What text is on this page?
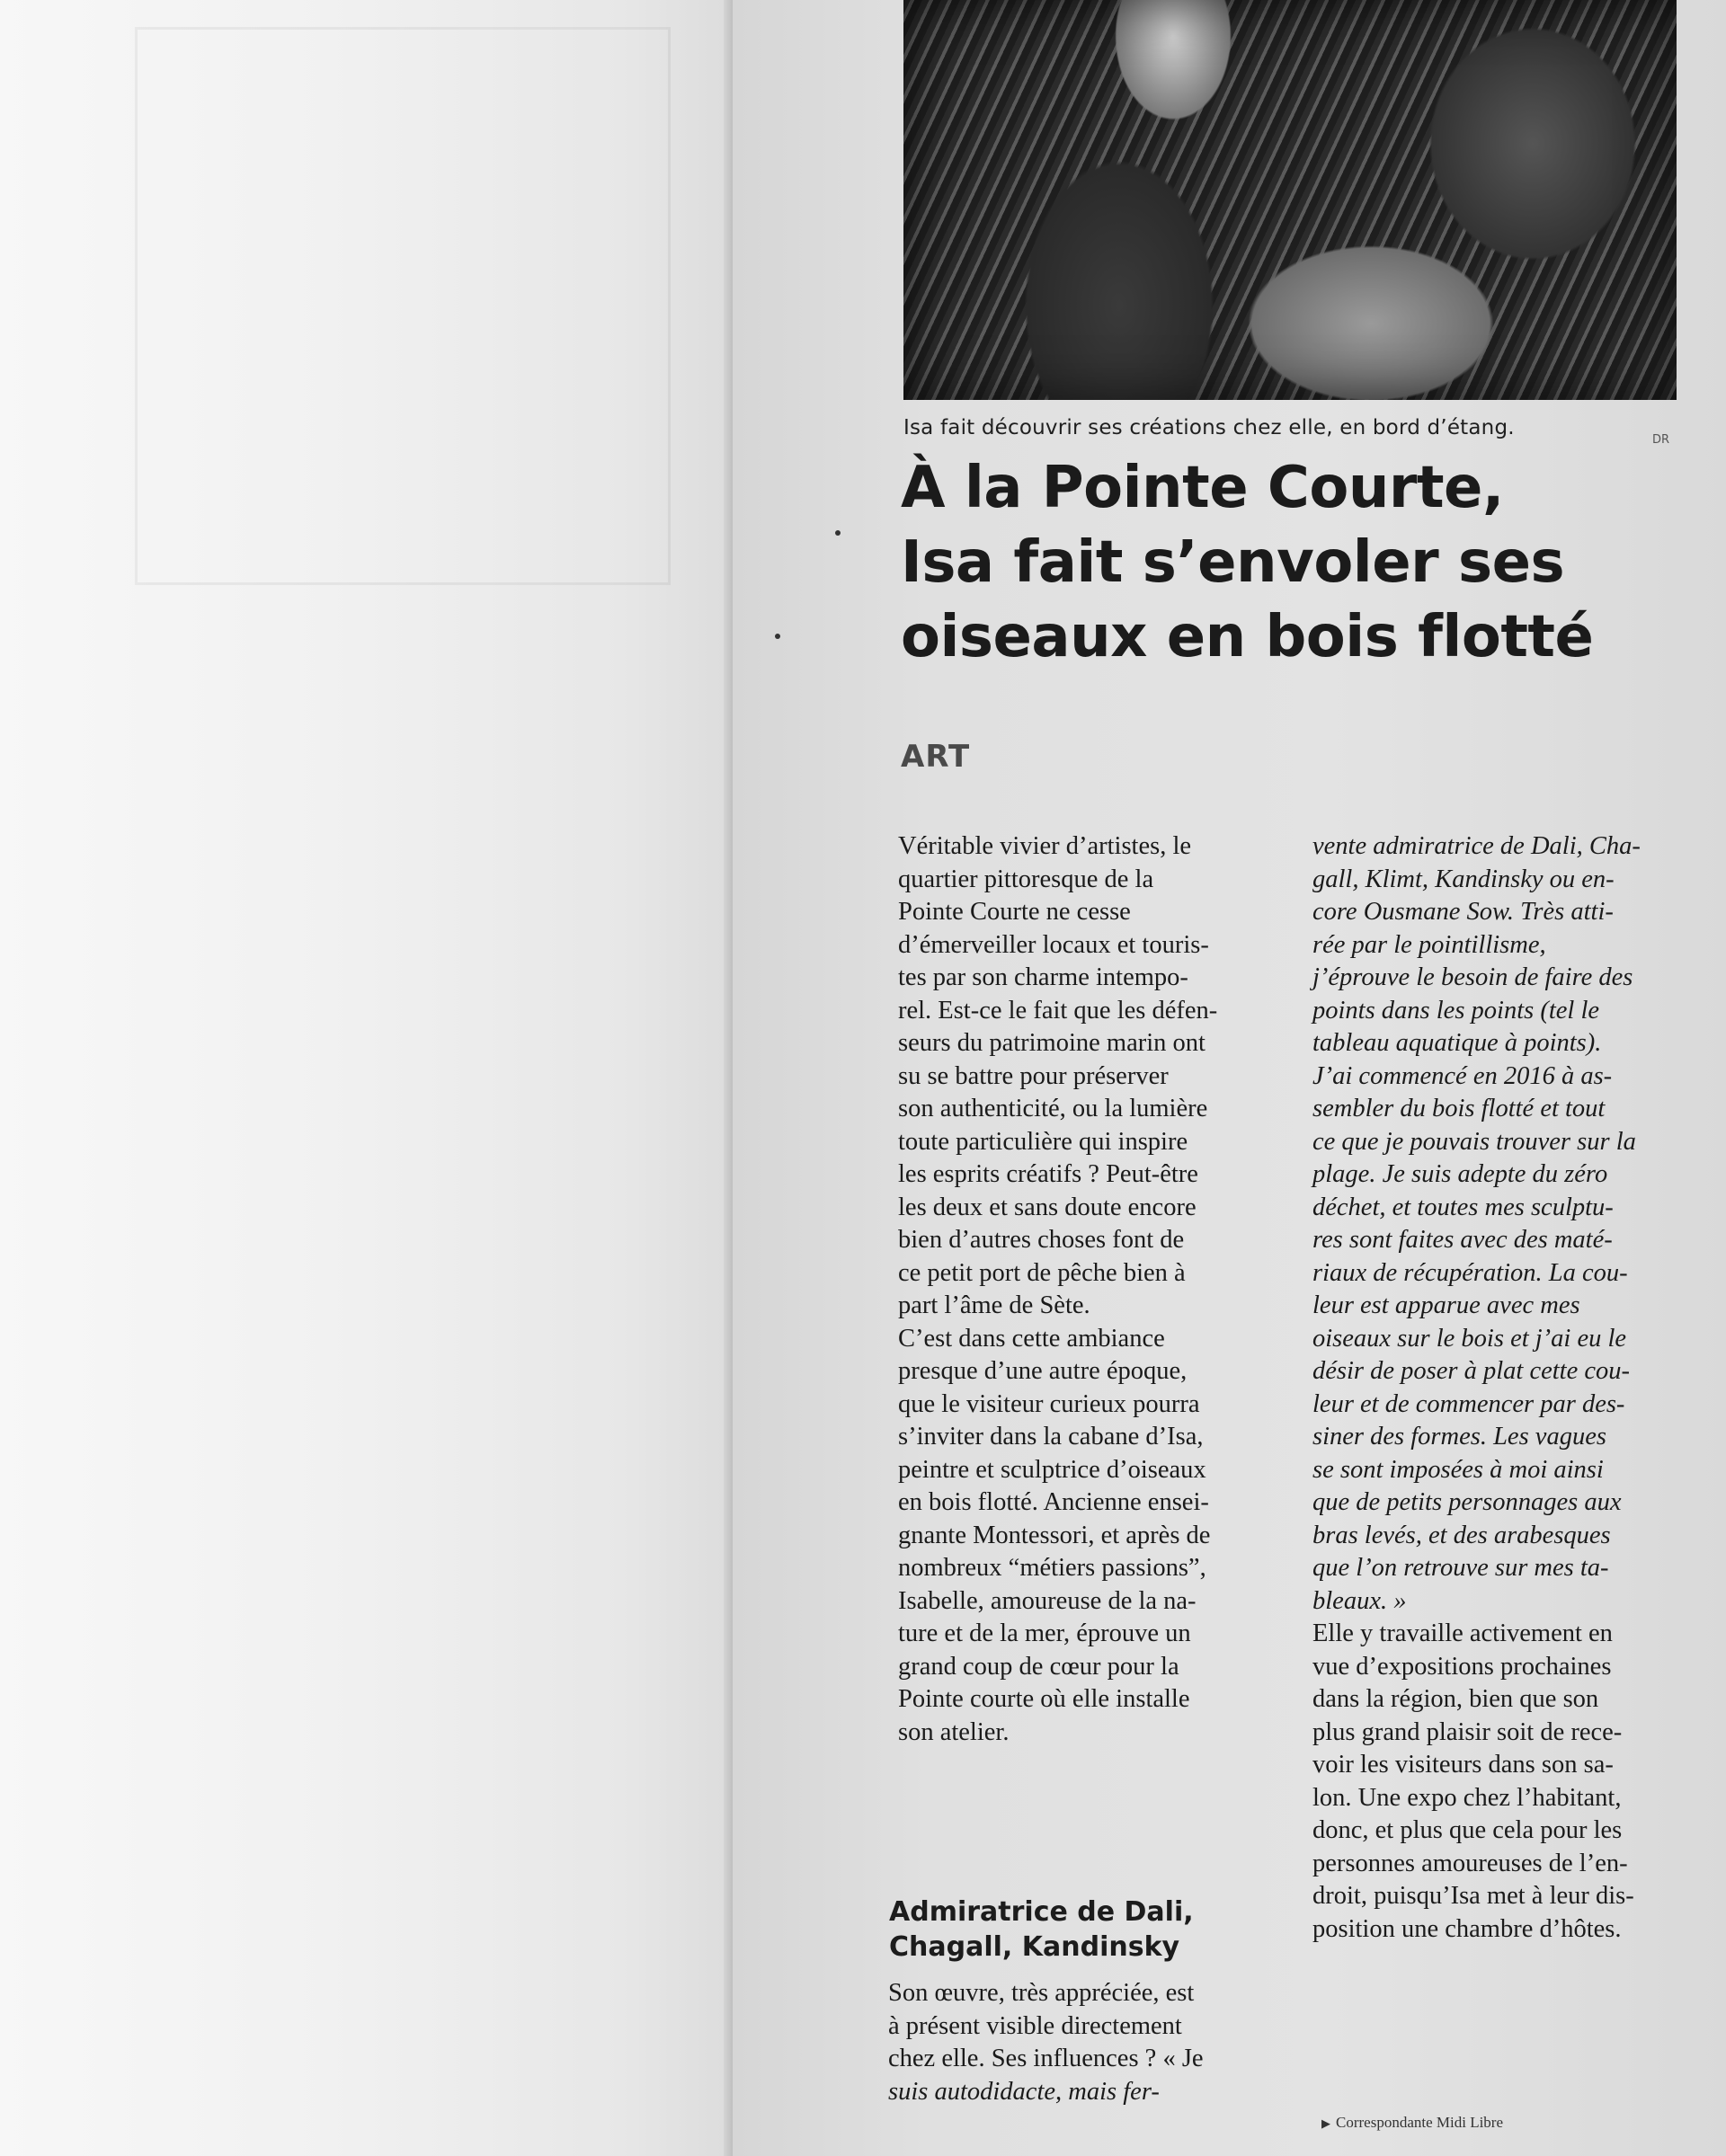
Isa fait découvrir ses créations chez elle, en bord d’étang.
DR
À la Pointe Courte,
Isa fait s’envoler ses
oiseaux en bois flotté
ART
Véritable vivier d’artistes, le
quartier pittoresque de la
Pointe Courte ne cesse
d’émerveiller locaux et touris-
tes par son charme intempo-
rel. Est-ce le fait que les défen-
seurs du patrimoine marin ont
su se battre pour préserver
son authenticité, ou la lumière
toute particulière qui inspire
les esprits créatifs ? Peut-être
les deux et sans doute encore
bien d’autres choses font de
ce petit port de pêche bien à
part l’âme de Sète.
C’est dans cette ambiance
presque d’une autre époque,
que le visiteur curieux pourra
s’inviter dans la cabane d’Isa,
peintre et sculptrice d’oiseaux
en bois flotté. Ancienne ensei-
gnante Montessori, et après de
nombreux “métiers passions”,
Isabelle, amoureuse de la na-
ture et de la mer, éprouve un
grand coup de cœur pour la
Pointe courte où elle installe
son atelier.
Admiratrice de Dali,
Chagall, Kandinsky
Son œuvre, très appréciée, est
à présent visible directement
chez elle. Ses influences ? « Je
suis autodidacte, mais fer-
vente admiratrice de Dali, Cha-
gall, Klimt, Kandinsky ou en-
core Ousmane Sow. Très atti-
rée par le pointillisme,
j’éprouve le besoin de faire des
points dans les points (tel le
tableau aquatique à points).
J’ai commencé en 2016 à as-
sembler du bois flotté et tout
ce que je pouvais trouver sur la
plage. Je suis adepte du zéro
déchet, et toutes mes sculptu-
res sont faites avec des maté-
riaux de récupération. La cou-
leur est apparue avec mes
oiseaux sur le bois et j’ai eu le
désir de poser à plat cette cou-
leur et de commencer par des-
siner des formes. Les vagues
se sont imposées à moi ainsi
que de petits personnages aux
bras levés, et des arabesques
que l’on retrouve sur mes ta-
bleaux. »
Elle y travaille activement en
vue d’expositions prochaines
dans la région, bien que son
plus grand plaisir soit de rece-
voir les visiteurs dans son sa-
lon. Une expo chez l’habitant,
donc, et plus que cela pour les
personnes amoureuses de l’en-
droit, puisqu’Isa met à leur dis-
position une chambre d’hôtes.
▶ Correspondante Midi Libre
